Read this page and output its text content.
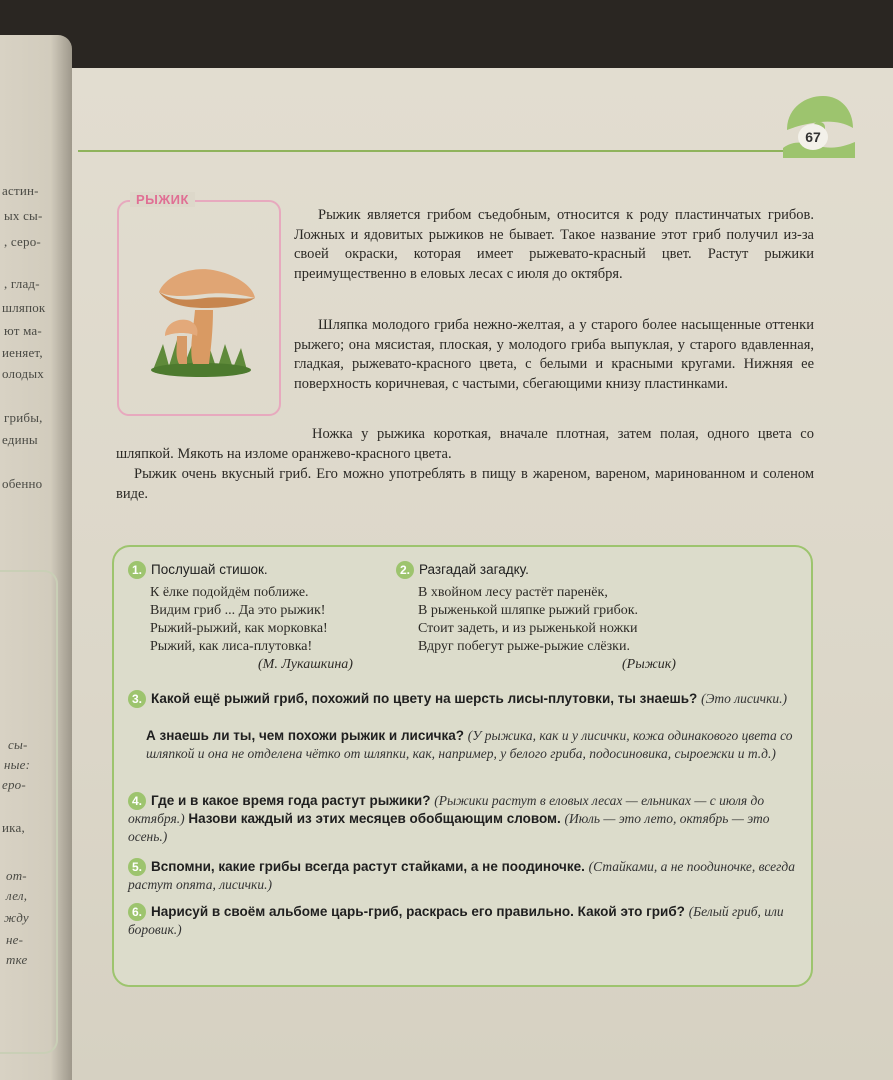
астин-
ых сы-
, серо-
, глад-
шляпок
ют ма-
иеняет,
олодых
грибы,
едины
обенно
сы-
ные:
еро-
ика,
от-
лел,
жду
не-
тке
67
РЫЖИК
Рыжик является грибом съедобным, относится к роду пластинчатых грибов. Ложных и ядовитых рыжиков не бывает. Такое название этот гриб получил из-за своей окраски, которая имеет рыжевато-красный цвет. Растут рыжики преимущественно в еловых лесах с июля до октября.
Шляпка молодого гриба нежно-желтая, а у старого более насыщенные оттенки рыжего; она мясистая, плоская, у молодого гриба выпуклая, у старого вдавленная, гладкая, рыжевато-красного цвета, с белыми и красными кругами. Нижняя ее поверхность коричневая, с частыми, сбегающими книзу пластинками.
Ножка у рыжика короткая, вначале плотная, затем полая, одного цвета со шляпкой. Мякоть на изломе оранжево-красного цвета.
Рыжик очень вкусный гриб. Его можно употреблять в пищу в жареном, вареном, маринованном и соленом виде.
1. Послушай стишок.
К ёлке подойдём поближе.
Видим гриб ... Да это рыжик!
Рыжий-рыжий, как морковка!
Рыжий, как лиса-плутовка!
(М. Лукашкина)
2. Разгадай загадку.
В хвойном лесу растёт паренёк,
В рыженькой шляпке рыжий грибок.
Стоит задеть, и из рыженькой ножки
Вдруг побегут рыже-рыжие слёзки.
(Рыжик)
3. Какой ещё рыжий гриб, похожий по цвету на шерсть лисы-плутовки, ты знаешь? (Это лисички.)
А знаешь ли ты, чем похожи рыжик и лисичка? (У рыжика, как и у лисички, кожа одинакового цвета со шляпкой и она не отделена чётко от шляпки, как, например, у белого гриба, подосиновика, сыроежки и т.д.)
4. Где и в какое время года растут рыжики? (Рыжики растут в еловых лесах — ельниках — с июля до октября.) Назови каждый из этих месяцев обобщающим словом. (Июль — это лето, октябрь — это осень.)
5. Вспомни, какие грибы всегда растут стайками, а не поодиночке. (Стайками, а не поодиночке, всегда растут опята, лисички.)
6. Нарисуй в своём альбоме царь-гриб, раскрась его правильно. Какой это гриб? (Белый гриб, или боровик.)
